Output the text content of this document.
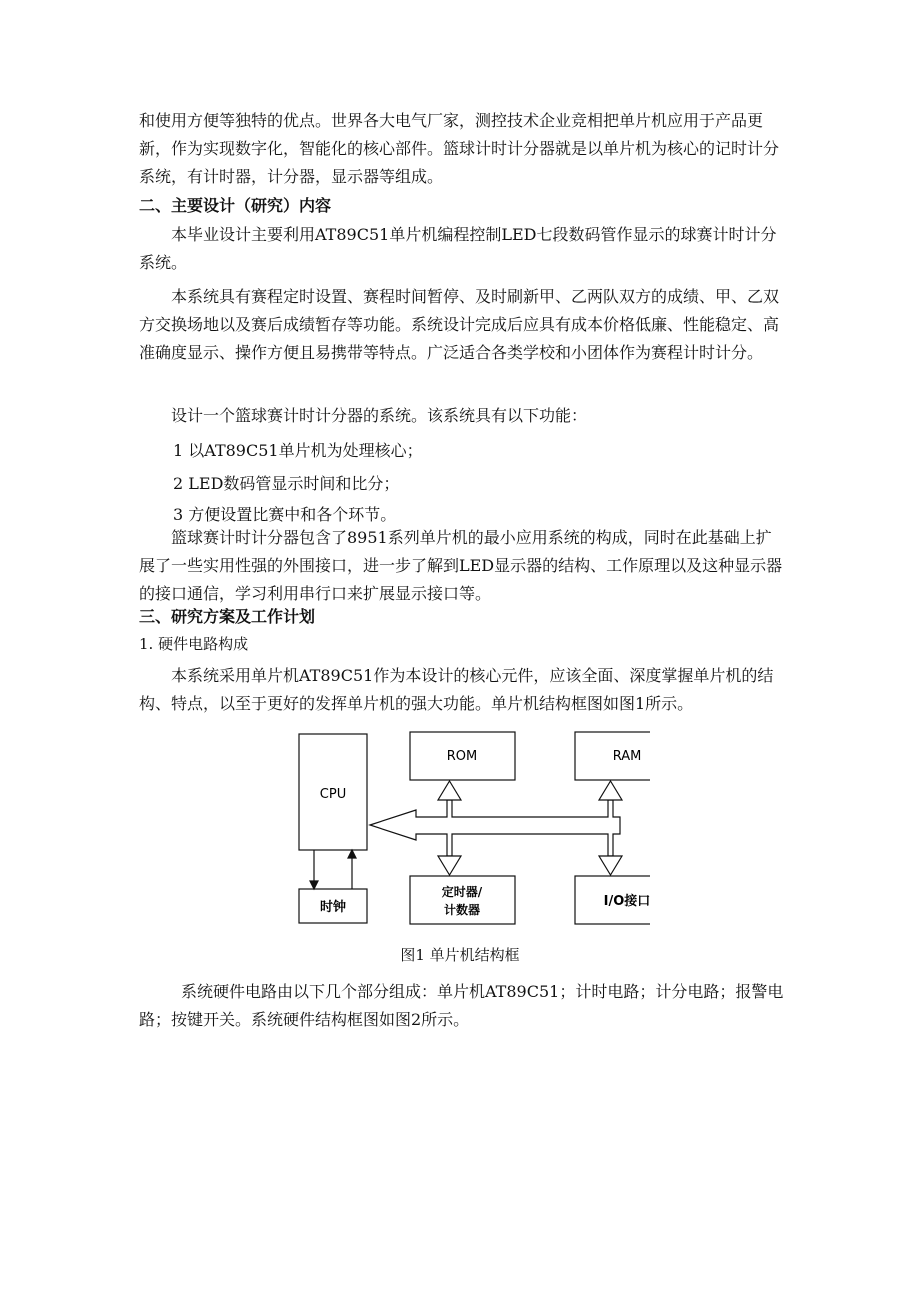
和使用方便等独特的优点。世界各大电气厂家，测控技术企业竞相把单片机应用于产品更新，作为实现数字化，智能化的核心部件。篮球计时计分器就是以单片机为核心的记时计分系统，有计时器，计分器，显示器等组成。

二、主要设计（研究）内容

本毕业设计主要利用AT89C51单片机编程控制LED七段数码管作显示的球赛计时计分系统。

本系统具有赛程定时设置、赛程时间暂停、及时刷新甲、乙两队双方的成绩、甲、乙双方交换场地以及赛后成绩暂存等功能。系统设计完成后应具有成本价格低廉、性能稳定、高准确度显示、操作方便且易携带等特点。广泛适合各类学校和小团体作为赛程计时计分。

设计一个篮球赛计时计分器的系统。该系统具有以下功能：

1 以AT89C51单片机为处理核心；

2 LED数码管显示时间和比分；

3 方便设置比赛中和各个环节。

篮球赛计时计分器包含了8951系列单片机的最小应用系统的构成，同时在此基础上扩展了一些实用性强的外围接口，进一步了解到LED显示器的结构、工作原理以及这种显示器的接口通信，学习利用串行口来扩展显示接口等。

三、研究方案及工作计划

1. 硬件电路构成

本系统采用单片机AT89C51作为本设计的核心元件，应该全面、深度掌握单片机的结构、特点，以至于更好的发挥单片机的强大功能。单片机结构框图如图1所示。

CPU
ROM	RAM
定时器/
计数器
I/O接口
时钟
图1 单片机结构框

系统硬件电路由以下几个部分组成：单片机AT89C51；计时电路；计分电路；报警电路；按键开关。系统硬件结构框图如图2所示。
